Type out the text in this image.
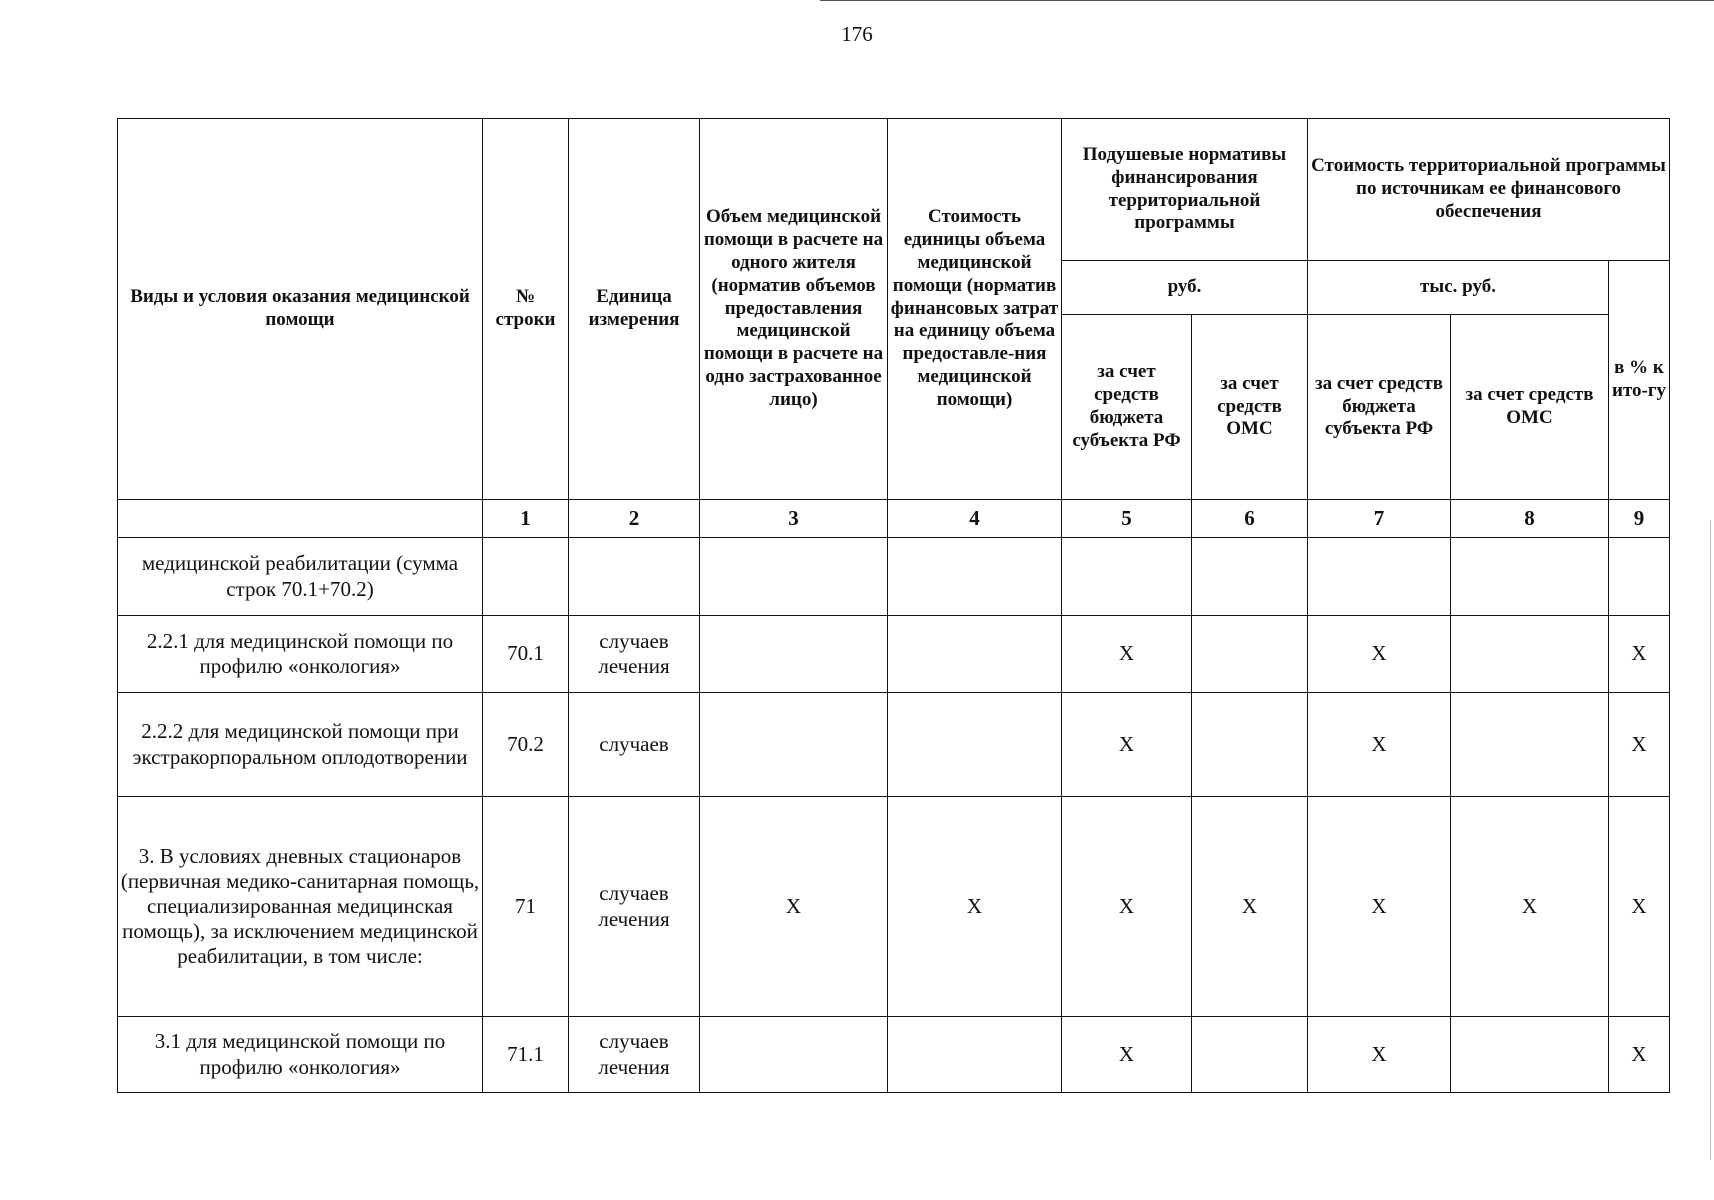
176
Виды и условия оказания медицинской помощи	№ строки	Единица измерения	Объем медицинской помощи в расчете на одного жителя (норматив объемов предоставления медицинской помощи в расчете на одно застрахованное лицо)	Стоимость единицы объема медицинской помощи (норматив финансовых затрат на единицу объема предоставле-ния медицинской помощи)	Подушевые нормативы финансирования территориальной программы		Стоимость территориальной программы по источникам ее финансового обеспечения		
					руб.		тыс. руб.		в % к ито-гу
					за счет средств бюджета субъекта РФ	за счет средств ОМС	за счет средств бюджета субъекта РФ	за счет средств ОМС	
	1	2	3	4	5	6	7	8	9
медицинской реабилитации (сумма строк 70.1+70.2)									
2.2.1 для медицинской помощи по профилю «онкология»	70.1	случаев лечения			Х		Х		Х
2.2.2 для медицинской помощи при экстракорпоральном оплодотворении	70.2	случаев			Х		Х		Х
3. В условиях дневных стационаров (первичная медико-санитарная помощь, специализированная медицинская помощь), за исключением медицинской реабилитации, в том числе:	71	случаев лечения	Х	Х	Х	Х	Х	Х	Х
3.1 для медицинской помощи по профилю «онкология»	71.1	случаев лечения			Х		Х		Х
